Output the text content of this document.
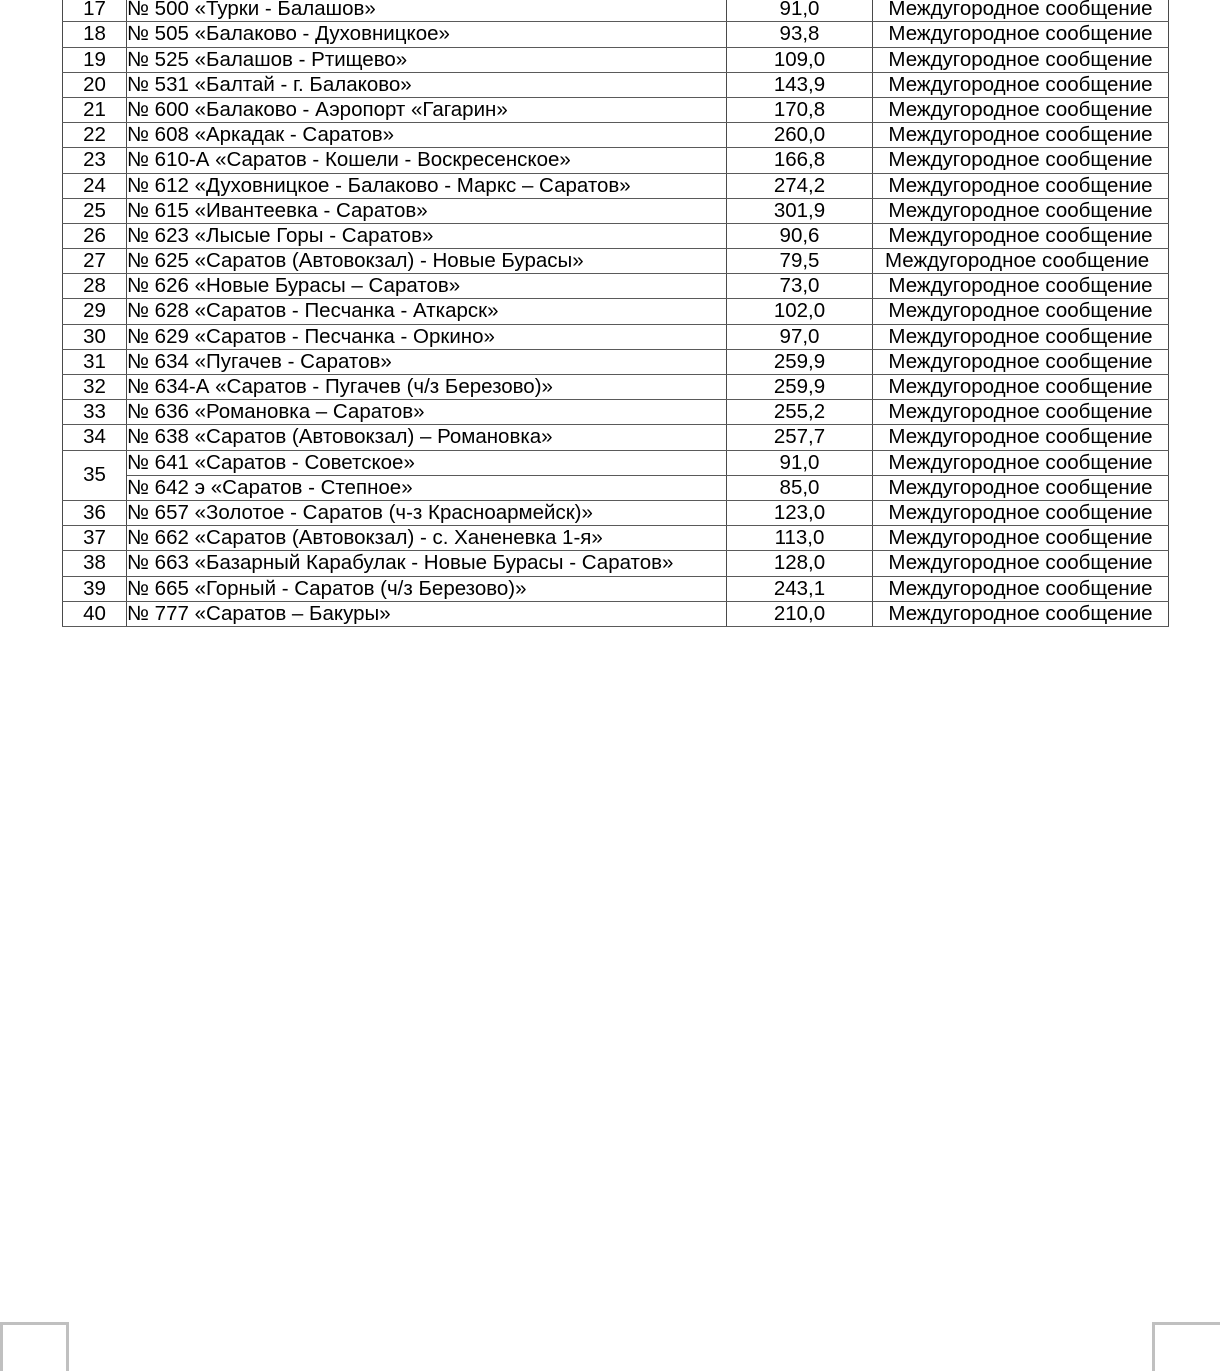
17	№ 500 «Турки - Балашов»	91,0	Междугородное сообщение
18	№ 505 «Балаково - Духовницкое»	93,8	Междугородное сообщение
19	№ 525 «Балашов - Ртищево»	109,0	Междугородное сообщение
20	№ 531 «Балтай - г. Балаково»	143,9	Междугородное сообщение
21	№ 600 «Балаково - Аэропорт «Гагарин»	170,8	Междугородное сообщение
22	№ 608 «Аркадак - Саратов»	260,0	Междугородное сообщение
23	№ 610-А «Саратов - Кошели - Воскресенское»	166,8	Междугородное сообщение
24	№ 612 «Духовницкое - Балаково - Маркс – Саратов»	274,2	Междугородное сообщение
25	№ 615 «Ивантеевка - Саратов»	301,9	Междугородное сообщение
26	№ 623 «Лысые Горы - Саратов»	90,6	Междугородное сообщение
27	№ 625 «Саратов (Автовокзал) - Новые Бурасы»	79,5	Междугородное сообщение
28	№ 626 «Новые Бурасы – Саратов»	73,0	Междугородное сообщение
29	№ 628 «Саратов - Песчанка - Аткарск»	102,0	Междугородное сообщение
30	№ 629 «Саратов - Песчанка - Оркино»	97,0	Междугородное сообщение
31	№ 634 «Пугачев - Саратов»	259,9	Междугородное сообщение
32	№ 634-А «Саратов - Пугачев (ч/з Березово)»	259,9	Междугородное сообщение
33	№ 636 «Романовка – Саратов»	255,2	Междугородное сообщение
34	№ 638 «Саратов (Автовокзал) – Романовка»	257,7	Междугородное сообщение
35	№ 641 «Саратов - Советское»	91,0	Междугородное сообщение
	№ 642 э «Саратов - Степное»	85,0	Междугородное сообщение
36	№ 657 «Золотое - Саратов (ч-з Красноармейск)»	123,0	Междугородное сообщение
37	№ 662 «Саратов (Автовокзал) - с. Ханеневка 1-я»	113,0	Междугородное сообщение
38	№ 663 «Базарный Карабулак - Новые Бурасы - Саратов»	128,0	Междугородное сообщение
39	№ 665 «Горный - Саратов (ч/з Березово)»	243,1	Междугородное сообщение
40	№ 777 «Саратов – Бакуры»	210,0	Междугородное сообщение
